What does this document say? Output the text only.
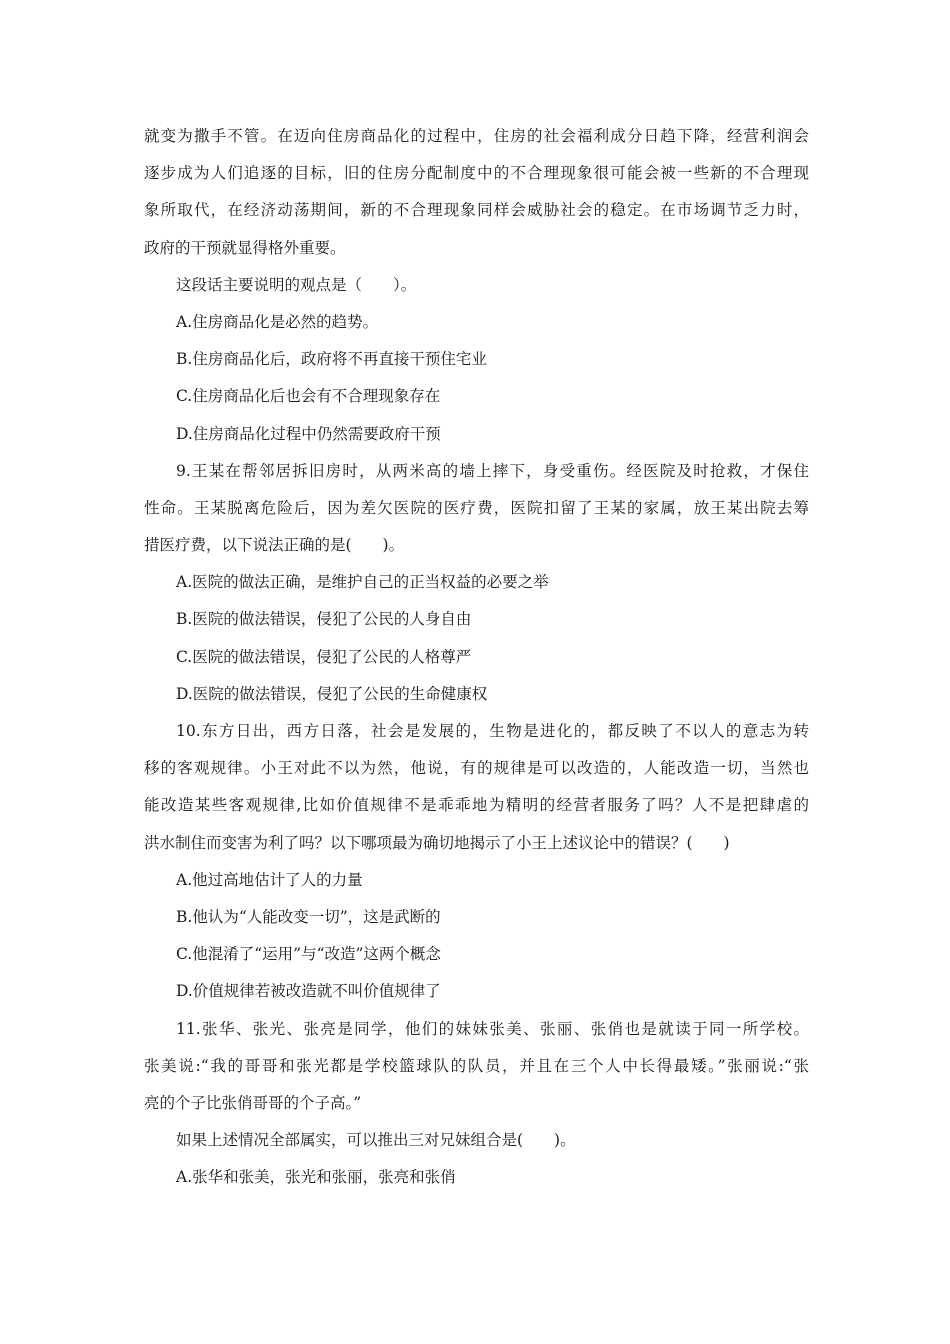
就变为撒手不管。在迈向住房商品化的过程中，住房的社会福利成分日趋下降，经营利润会
逐步成为人们追逐的目标，旧的住房分配制度中的不合理现象很可能会被一些新的不合理现
象所取代，在经济动荡期间，新的不合理现象同样会威胁社会的稳定。在市场调节乏力时，
政府的干预就显得格外重要。
这段话主要说明的观点是（　　）。
A.住房商品化是必然的趋势。
B.住房商品化后，政府将不再直接干预住宅业
C.住房商品化后也会有不合理现象存在
D.住房商品化过程中仍然需要政府干预
9.王某在帮邻居拆旧房时，从两米高的墙上摔下，身受重伤。经医院及时抢救，才保住
性命。王某脱离危险后，因为差欠医院的医疗费，医院扣留了王某的家属，放王某出院去筹
措医疗费，以下说法正确的是(　　)。
A.医院的做法正确，是维护自己的正当权益的必要之举
B.医院的做法错误，侵犯了公民的人身自由
C.医院的做法错误，侵犯了公民的人格尊严
D.医院的做法错误，侵犯了公民的生命健康权
10.东方日出，西方日落，社会是发展的，生物是进化的，都反映了不以人的意志为转
移的客观规律。小王对此不以为然，他说，有的规律是可以改造的，人能改造一切，当然也
能改造某些客观规律,比如价值规律不是乖乖地为精明的经营者服务了吗？人不是把肆虐的
洪水制住而变害为利了吗？以下哪项最为确切地揭示了小王上述议论中的错误？(　　)
A.他过高地估计了人的力量
B.他认为“人能改变一切”，这是武断的
C.他混淆了“运用”与“改造”这两个概念
D.价值规律若被改造就不叫价值规律了
11.张华、张光、张亮是同学，他们的妹妹张美、张丽、张俏也是就读于同一所学校。
张美说:“我的哥哥和张光都是学校篮球队的队员，并且在三个人中长得最矮。”张丽说:“张
亮的个子比张俏哥哥的个子高。”
如果上述情况全部属实，可以推出三对兄妹组合是(　　)。
A.张华和张美，张光和张丽，张亮和张俏
